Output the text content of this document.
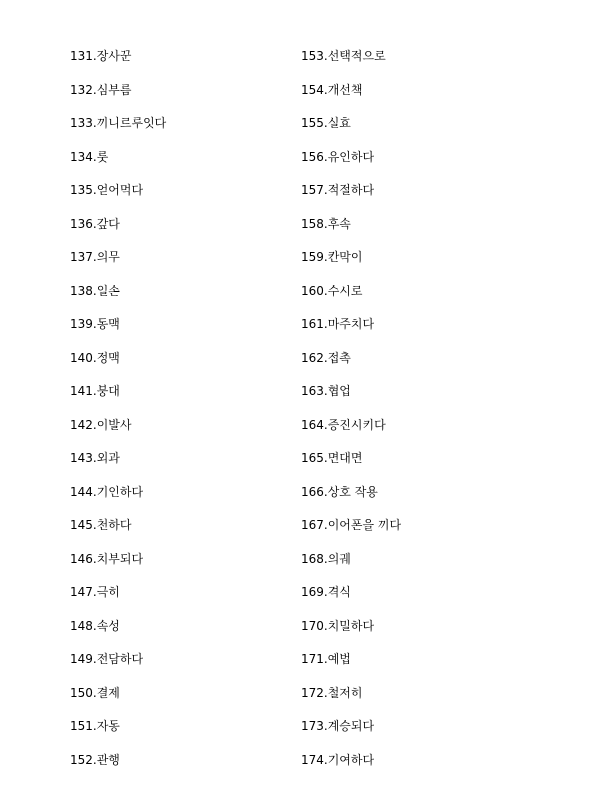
131.장사꾼
132.심부름
133.끼니르루잇다
134.룻
135.얻어먹다
136.갚다
137.의무
138.일손
139.동맥
140.정맥
141.붕대
142.이발사
143.외과
144.기인하다
145.천하다
146.치부되다
147.극히
148.속성
149.전담하다
150.결제
151.자동
152.관행
153.선택적으로
154.개선책
155.실효
156.유인하다
157.적절하다
158.후속
159.칸막이
160.수시로
161.마주치다
162.접촉
163.협업
164.증진시키다
165.면대면
166.상호 작용
167.이어폰을 끼다
168.의궤
169.격식
170.치밀하다
171.예법
172.철저히
173.계승되다
174.기여하다
